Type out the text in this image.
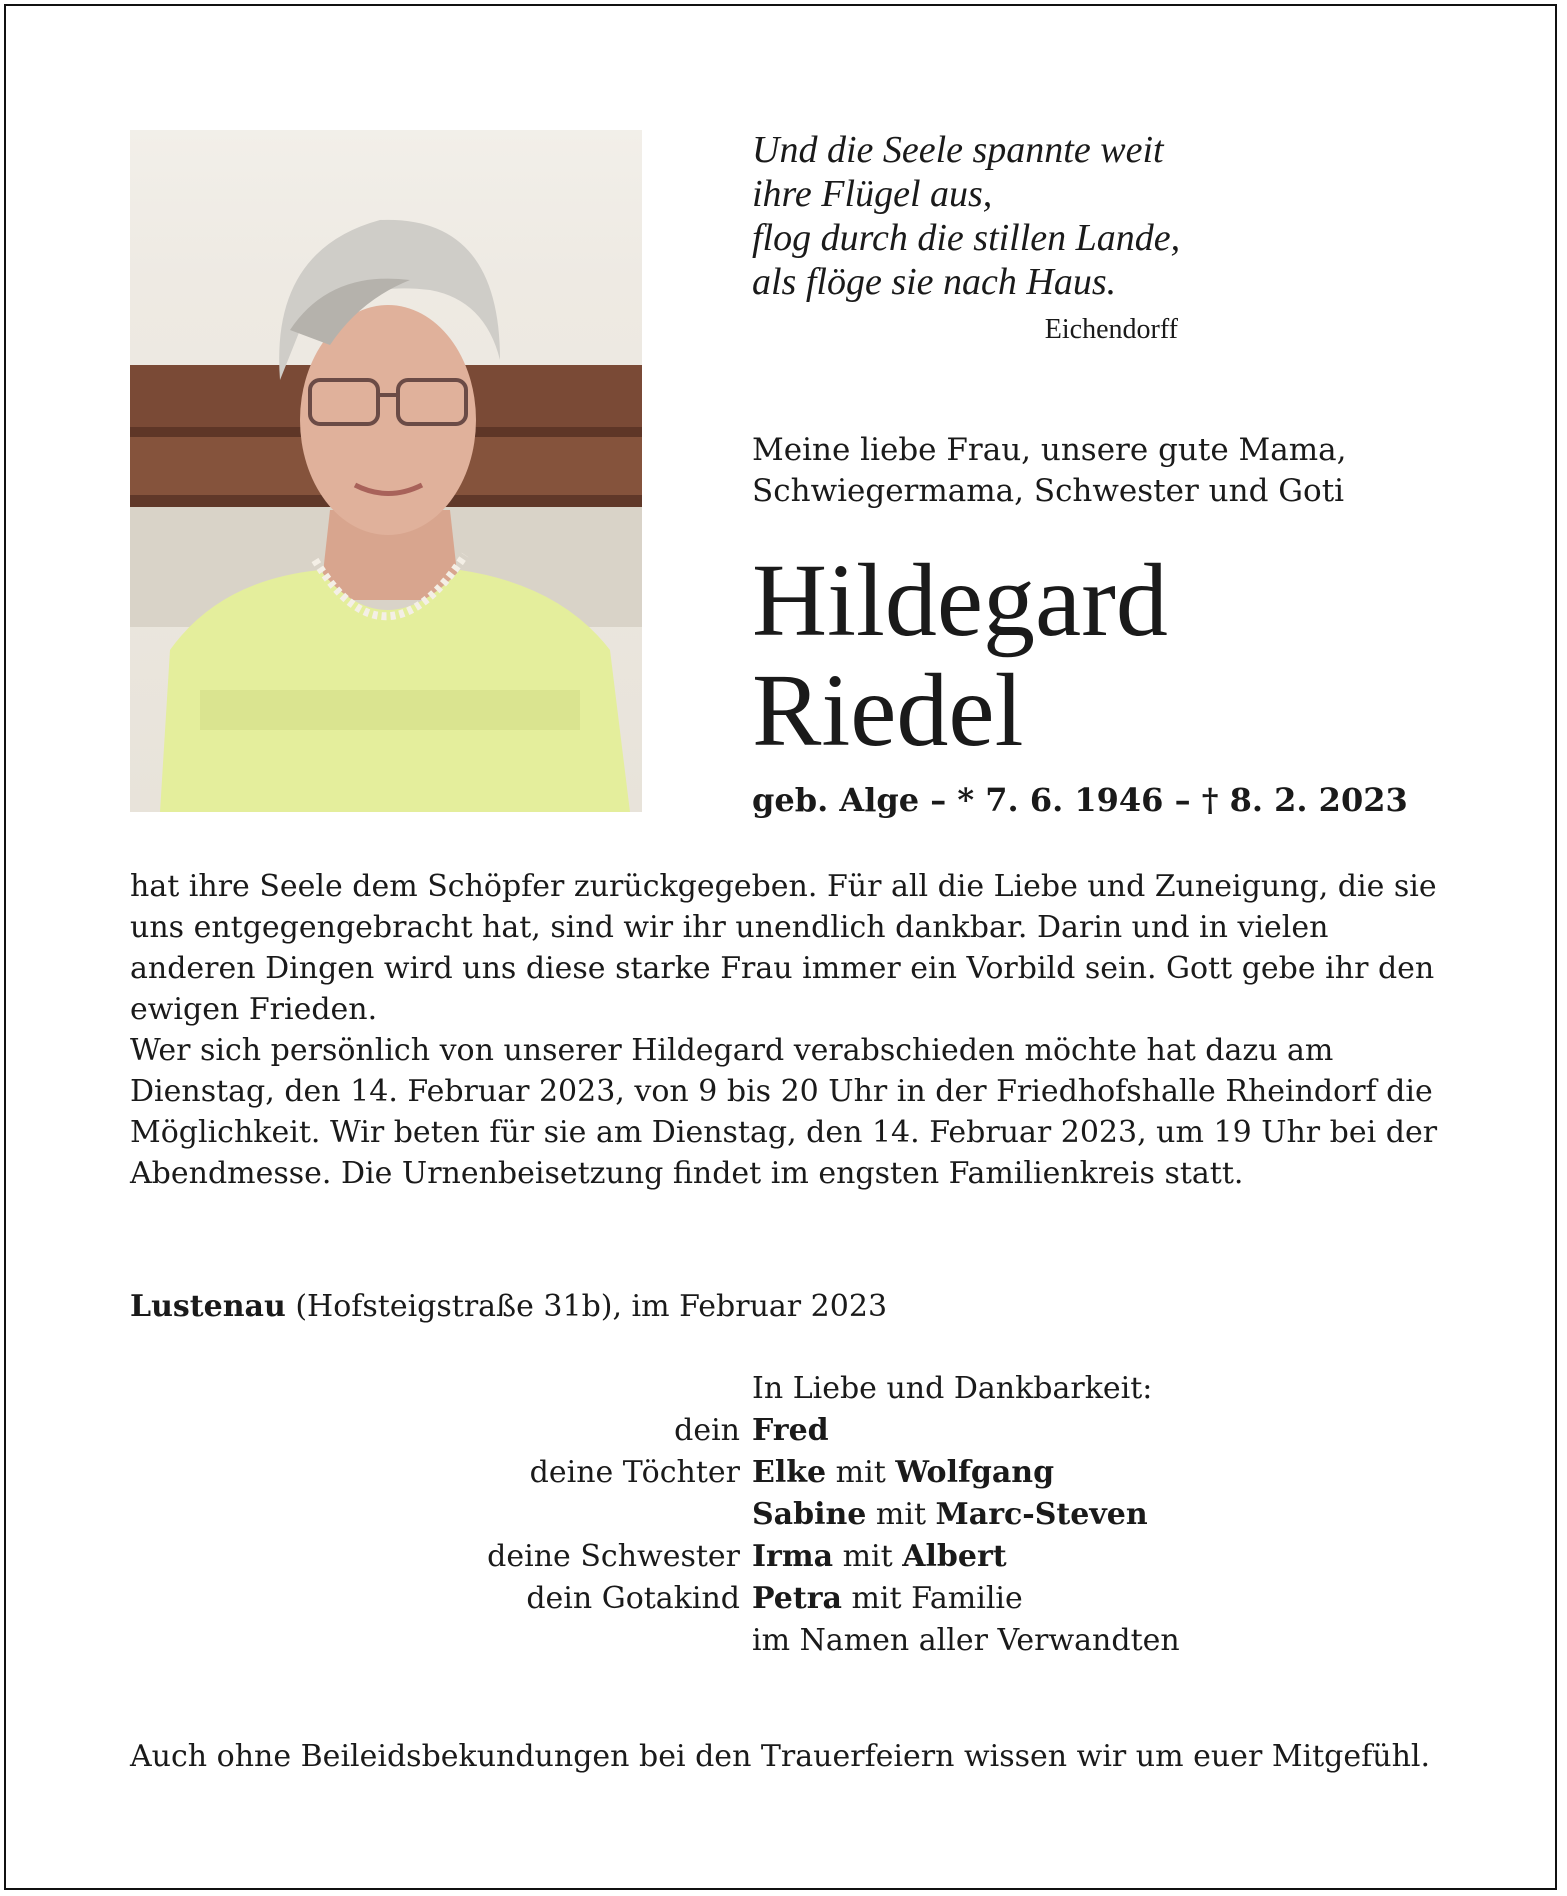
Und die Seele spannte weit
ihre Flügel aus,
flog durch die stillen Lande,
als flöge sie nach Haus.
Eichendorff
Meine liebe Frau, unsere gute Mama,
Schwiegermama, Schwester und Goti
Hildegard
Riedel
geb. Alge – * 7. 6. 1946 – † 8. 2. 2023

hat ihre Seele dem Schöpfer zurückgegeben. Für all die Liebe und Zuneigung, die sie uns entgegengebracht hat, sind wir ihr unendlich dankbar. Darin und in vielen anderen Dingen wird uns diese starke Frau immer ein Vorbild sein. Gott gebe ihr den ewigen Frieden.

Wer sich persönlich von unserer Hildegard verabschieden möchte hat dazu am Dienstag, den 14. Februar 2023, von 9 bis 20 Uhr in der Friedhofshalle Rheindorf die Möglichkeit. Wir beten für sie am Dienstag, den 14. Februar 2023, um 19 Uhr bei der Abendmesse. Die Urnenbeisetzung findet im engsten Familienkreis statt.

Lustenau (Hofsteigstraße 31b), im Februar 2023
In Liebe und Dankbarkeit:
dein Fred
deine Töchter Elke mit Wolfgang
Sabine mit Marc-Steven
deine Schwester Irma mit Albert
dein Gotakind Petra mit Familie
im Namen aller Verwandten
Auch ohne Beileidsbekundungen bei den Trauerfeiern wissen wir um euer Mitgefühl.
